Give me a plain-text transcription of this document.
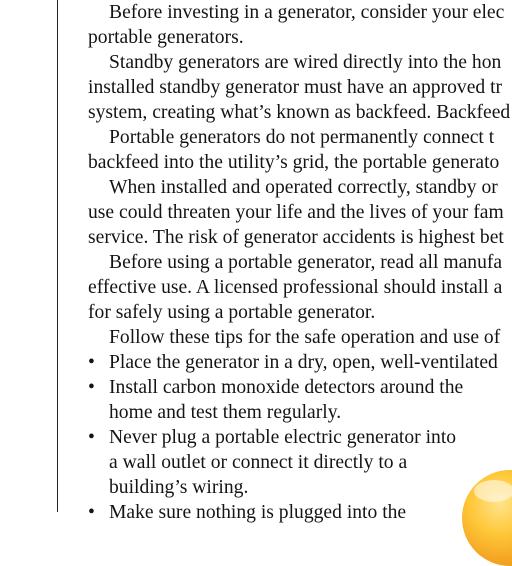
Before investing in a generator, consider your elec
portable generators.
Standby generators are wired directly into the hon
installed standby generator must have an approved tr
system, creating what’s known as backfeed. Backfeed
Portable generators do not permanently connect t
backfeed into the utility’s grid, the portable generato
When installed and operated correctly, standby or
use could threaten your life and the lives of your fam
service. The risk of generator accidents is highest bet
Before using a portable generator, read all manufa
effective use. A licensed professional should install a
for safely using a portable generator.
Follow these tips for the safe operation and use of
• Place the generator in a dry, open, well-ventilated
• Install carbon monoxide detectors around the
home and test them regularly.
• Never plug a portable electric generator into
a wall outlet or connect it directly to a
building’s wiring.
• Make sure nothing is plugged into the
